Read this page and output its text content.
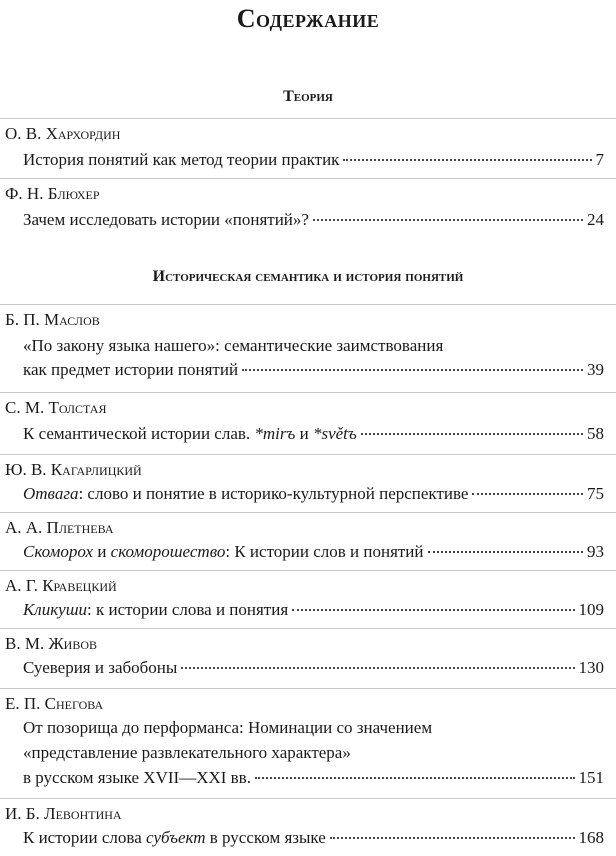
Содержание
Теория
О. В. Хархордин
История понятий как метод теории практик	7
Ф. Н. Блюхер
Зачем исследовать истории «понятий»?	24
Историческая семантика и история понятий
Б. П. Маслов
«По закону языка нашего»: семантические заимствования
как предмет истории понятий	39
С. М. Толстая
К семантической истории слав. *mirъ и *světъ	58
Ю. В. Кагарлицкий
Отвага: слово и понятие в историко-культурной перспективе	75
А. А. Плетнева
Скоморох и скоморошество: К истории слов и понятий	93
А. Г. Кравецкий
Кликуши: к истории слова и понятия	109
В. М. Живов
Суеверия и забобоны	130
Е. П. Снегова
От позорища до перформанса: Номинации со значением
«представление развлекательного характера»
в русском языке XVII—XXI вв.	151
И. Б. Левонтина
К истории слова субъект в русском языке	168
